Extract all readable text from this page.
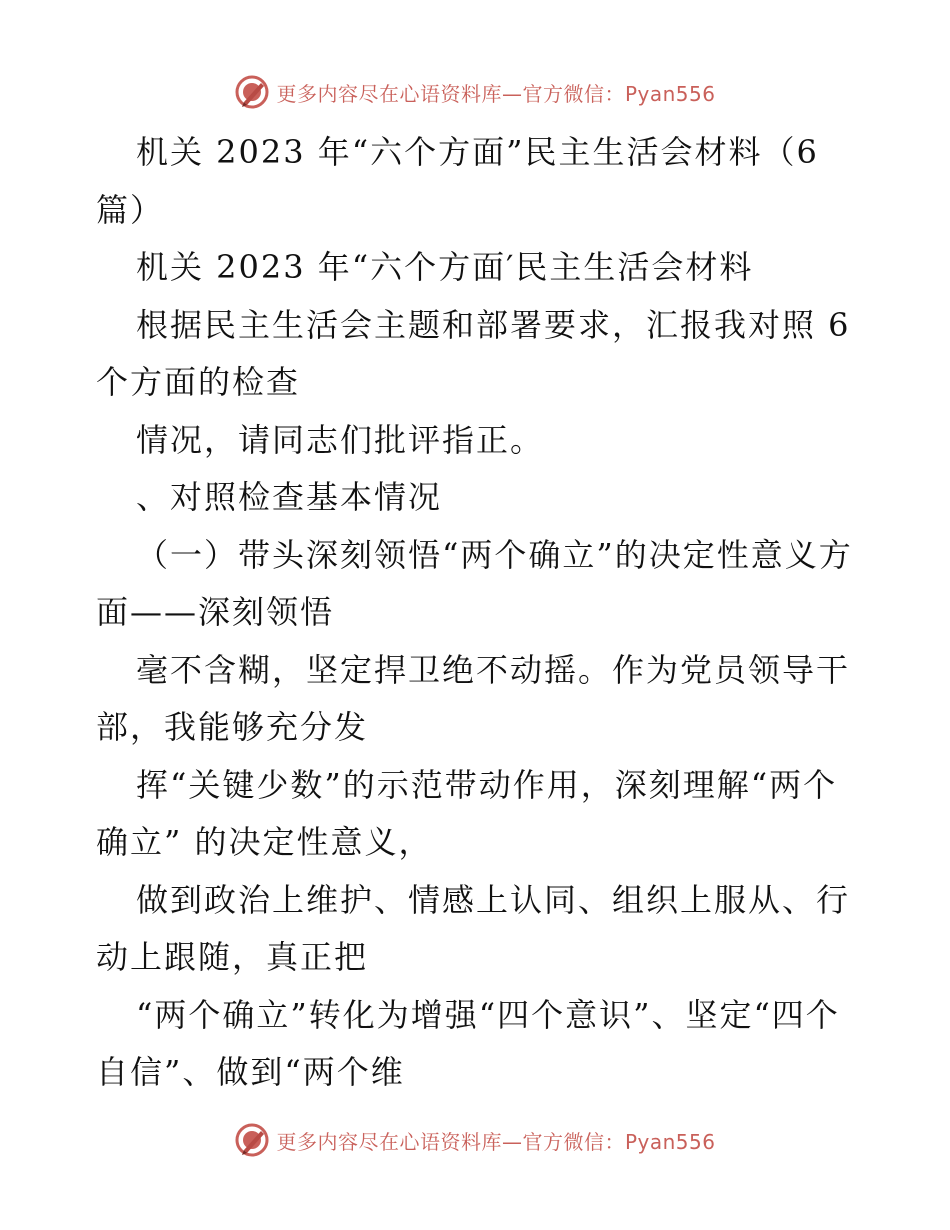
更多内容尽在心语资料库—官方微信：Pyan556

机关 2023 年“六个方面”民主生活会材料（6篇）

机关 2023 年“六个方面′民主生活会材料

根据民主生活会主题和部署要求，汇报我对照 6个方面的检查

情况，请同志们批评指正。

、对照检查基本情况

（一）带头深刻领悟“两个确立”的决定性意义方面——深刻领悟

毫不含糊，坚定捍卫绝不动摇。作为党员领导干部，我能够充分发

挥“关键少数”的示范带动作用，深刻理解“两个确立” 的决定性意义，

做到政治上维护、情感上认同、组织上服从、行动上跟随，真正把

“两个确立”转化为增强“四个意识”、坚定“四个自信”、做到“两个维

更多内容尽在心语资料库—官方微信：Pyan556
